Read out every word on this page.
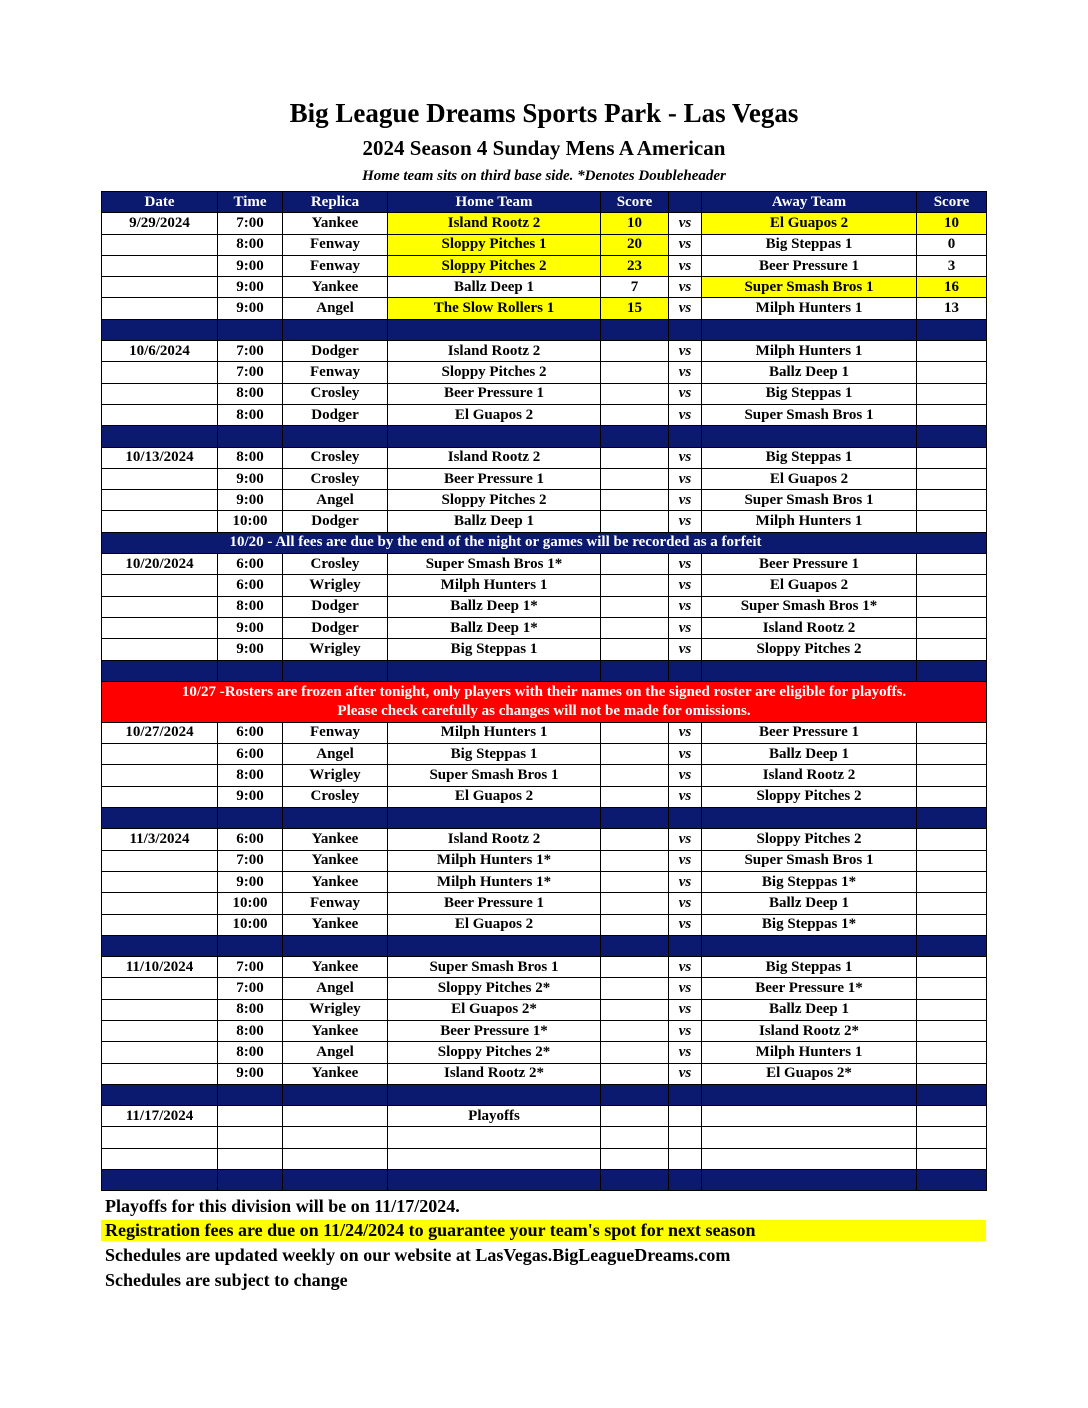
Big League Dreams Sports Park - Las Vegas
2024 Season 4 Sunday Mens A American
Home team sits on third base side. *Denotes Doubleheader
Date	Time	Replica	Home Team	Score		Away Team	Score
9/29/2024	7:00	Yankee	Island Rootz 2	10	vs	El Guapos 2	10
	8:00	Fenway	Sloppy Pitches 1	20	vs	Big Steppas 1	0
	9:00	Fenway	Sloppy Pitches 2	23	vs	Beer Pressure 1	3
	9:00	Yankee	Ballz Deep 1	7	vs	Super Smash Bros 1	16
	9:00	Angel	The Slow Rollers 1	15	vs	Milph Hunters 1	13

10/6/2024	7:00	Dodger	Island Rootz 2		vs	Milph Hunters 1	
	7:00	Fenway	Sloppy Pitches 2		vs	Ballz Deep 1	
	8:00	Crosley	Beer Pressure 1		vs	Big Steppas 1	
	8:00	Dodger	El Guapos 2		vs	Super Smash Bros 1	

10/13/2024	8:00	Crosley	Island Rootz 2		vs	Big Steppas 1	
	9:00	Crosley	Beer Pressure 1		vs	El Guapos 2	
	9:00	Angel	Sloppy Pitches 2		vs	Super Smash Bros 1	
	10:00	Dodger	Ballz Deep 1		vs	Milph Hunters 1	
	10/20 - All fees are due by the end of the night or games will be recorded as a forfeit						
10/20/2024	6:00	Crosley	Super Smash Bros 1*		vs	Beer Pressure 1	
	6:00	Wrigley	Milph Hunters 1		vs	El Guapos 2	
	8:00	Dodger	Ballz Deep 1*		vs	Super Smash Bros 1*	
	9:00	Dodger	Ballz Deep 1*		vs	Island Rootz 2	
	9:00	Wrigley	Big Steppas 1		vs	Sloppy Pitches 2	

10/27 -Rosters are frozen after tonight, only players with their names on the signed roster are eligible for playoffs.
Please check carefully as changes will not be made for omissions.							

10/27/2024	6:00	Fenway	Milph Hunters 1		vs	Beer Pressure 1	
	6:00	Angel	Big Steppas 1		vs	Ballz Deep 1	
	8:00	Wrigley	Super Smash Bros 1		vs	Island Rootz 2	
	9:00	Crosley	El Guapos 2		vs	Sloppy Pitches 2	

11/3/2024	6:00	Yankee	Island Rootz 2		vs	Sloppy Pitches 2	
	7:00	Yankee	Milph Hunters 1*		vs	Super Smash Bros 1	
	9:00	Yankee	Milph Hunters 1*		vs	Big Steppas 1*	
	10:00	Fenway	Beer Pressure 1		vs	Ballz Deep 1	
	10:00	Yankee	El Guapos 2		vs	Big Steppas 1*	

11/10/2024	7:00	Yankee	Super Smash Bros 1		vs	Big Steppas 1	
	7:00	Angel	Sloppy Pitches 2*		vs	Beer Pressure 1*	
	8:00	Wrigley	El Guapos 2*		vs	Ballz Deep 1	
	8:00	Yankee	Beer Pressure 1*		vs	Island Rootz 2*	
	8:00	Angel	Sloppy Pitches 2*		vs	Milph Hunters 1	
	9:00	Yankee	Island Rootz 2*		vs	El Guapos 2*	

11/17/2024			Playoffs				

Playoffs for this division will be on 11/17/2024.
Registration fees are due on 11/24/2024 to guarantee your team's spot for next season
Schedules are updated weekly on our website at LasVegas.BigLeagueDreams.com
Schedules are subject to change
